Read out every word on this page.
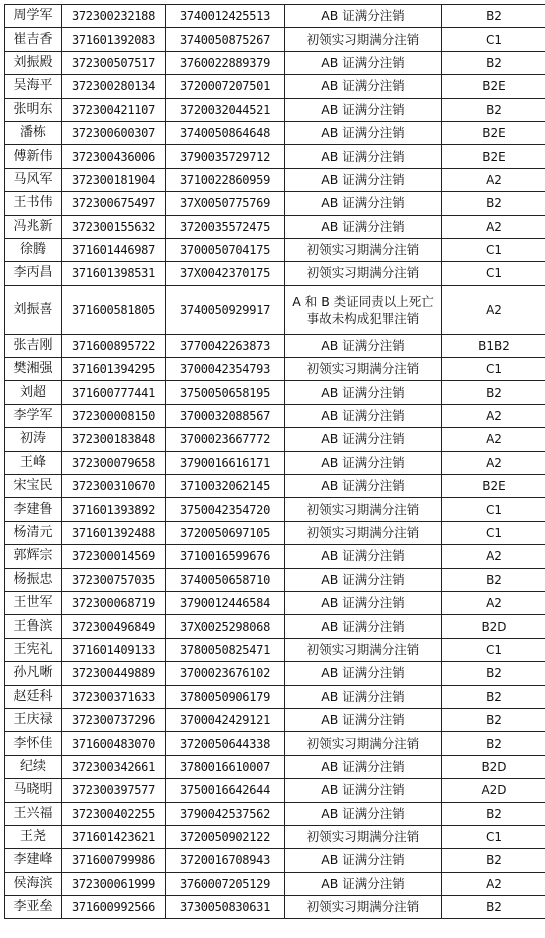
周学军	372300232188	3740012425513	AB 证满分注销	B2
崔吉香	371601392083	3740050875267	初领实习期满分注销	C1
刘振殿	372300507517	3760022889379	AB 证满分注销	B2
吴海平	372300280134	3720007207501	AB 证满分注销	B2E
张明东	372300421107	3720032044521	AB 证满分注销	B2
潘栋	372300600307	3740050864648	AB 证满分注销	B2E
傅新伟	372300436006	3790035729712	AB 证满分注销	B2E
马风军	372300181904	3710022860959	AB 证满分注销	A2
王书伟	372300675497	37X0050775769	AB 证满分注销	B2
冯兆新	372300155632	3720035572475	AB 证满分注销	A2
徐腾	371601446987	3700050704175	初领实习期满分注销	C1
李丙昌	371601398531	37X0042370175	初领实习期满分注销	C1
刘振喜	371600581805	3740050929917	A 和 B 类证同责以上死亡事故未构成犯罪注销	A2
张吉刚	371600895722	3770042263873	AB 证满分注销	B1B2
樊湘强	371601394295	3700042354793	初领实习期满分注销	C1
刘超	371600777441	3750050658195	AB 证满分注销	B2
李学军	372300008150	3700032088567	AB 证满分注销	A2
初涛	372300183848	3700023667772	AB 证满分注销	A2
王峰	372300079658	3790016616171	AB 证满分注销	A2
宋宝民	372300310670	3710032062145	AB 证满分注销	B2E
李建鲁	371601393892	3750042354720	初领实习期满分注销	C1
杨清元	371601392488	3720050697105	初领实习期满分注销	C1
郭辉宗	372300014569	3710016599676	AB 证满分注销	A2
杨振忠	372300757035	3740050658710	AB 证满分注销	B2
王世军	372300068719	3790012446584	AB 证满分注销	A2
王鲁滨	372300496849	37X0025298068	AB 证满分注销	B2D
王宪礼	371601409133	3780050825471	初领实习期满分注销	C1
孙凡晰	372300449889	3700023676102	AB 证满分注销	B2
赵廷科	372300371633	3780050906179	AB 证满分注销	B2
王庆禄	372300737296	3700042429121	AB 证满分注销	B2
李怀佳	371600483070	3720050644338	初领实习期满分注销	B2
纪续	372300342661	3780016610007	AB 证满分注销	B2D
马晓明	372300397577	3750016642644	AB 证满分注销	A2D
王兴福	372300402255	3790042537562	AB 证满分注销	B2
王尧	371601423621	3720050902122	初领实习期满分注销	C1
李建峰	371600799986	3720016708943	AB 证满分注销	B2
侯海滨	372300061999	3760007205129	AB 证满分注销	A2
李亚垒	371600992566	3730050830631	初领实习期满分注销	B2
